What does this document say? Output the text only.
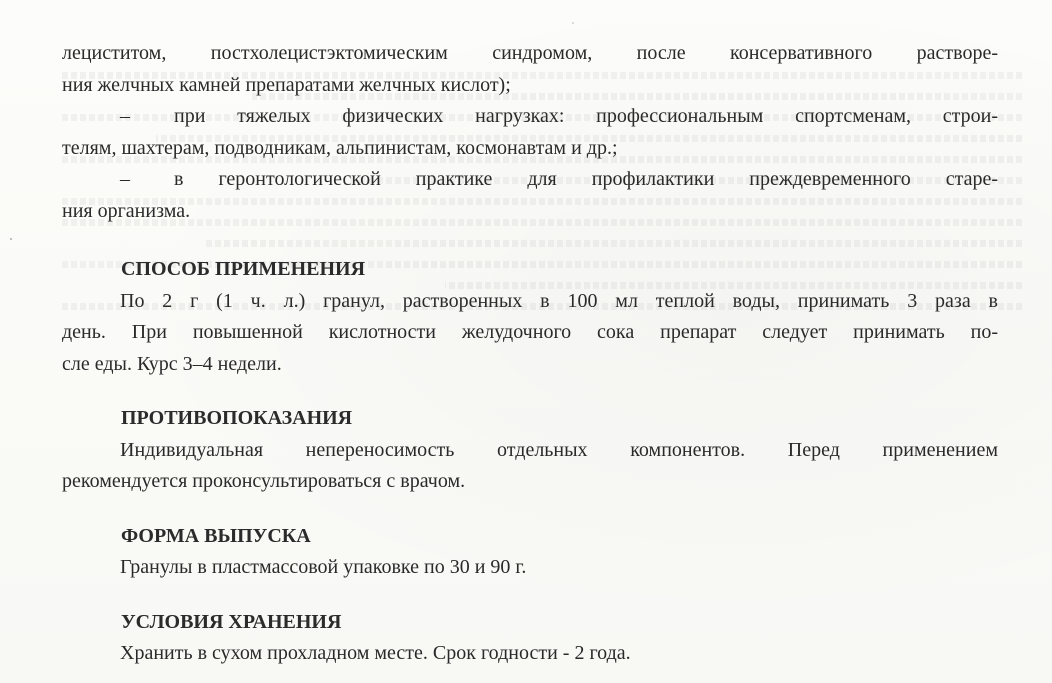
лециститом, постхолецистэктомическим синдромом, после консервативного растворе-
ния желчных камней препаратами желчных кислот);
–	при тяжелых физических нагрузках: профессиональным спортсменам, строи-
телям, шахтерам, подводникам, альпинистам, космонавтам и др.;
–	в геронтологической практике для профилактики преждевременного старе-
ния организма.
СПОСОБ ПРИМЕНЕНИЯ
По 2 г (1 ч. л.) гранул, растворенных в 100 мл теплой воды, принимать 3 раза в
день. При повышенной кислотности желудочного сока препарат следует принимать по-
сле еды. Курс 3–4 недели.
ПРОТИВОПОКАЗАНИЯ
Индивидуальная непереносимость отдельных компонентов. Перед применением
рекомендуется проконсультироваться с врачом.
ФОРМА ВЫПУСКА
Гранулы в пластмассовой упаковке по 30 и 90 г.
УСЛОВИЯ ХРАНЕНИЯ
Хранить в сухом прохладном месте. Срок годности - 2 года.
